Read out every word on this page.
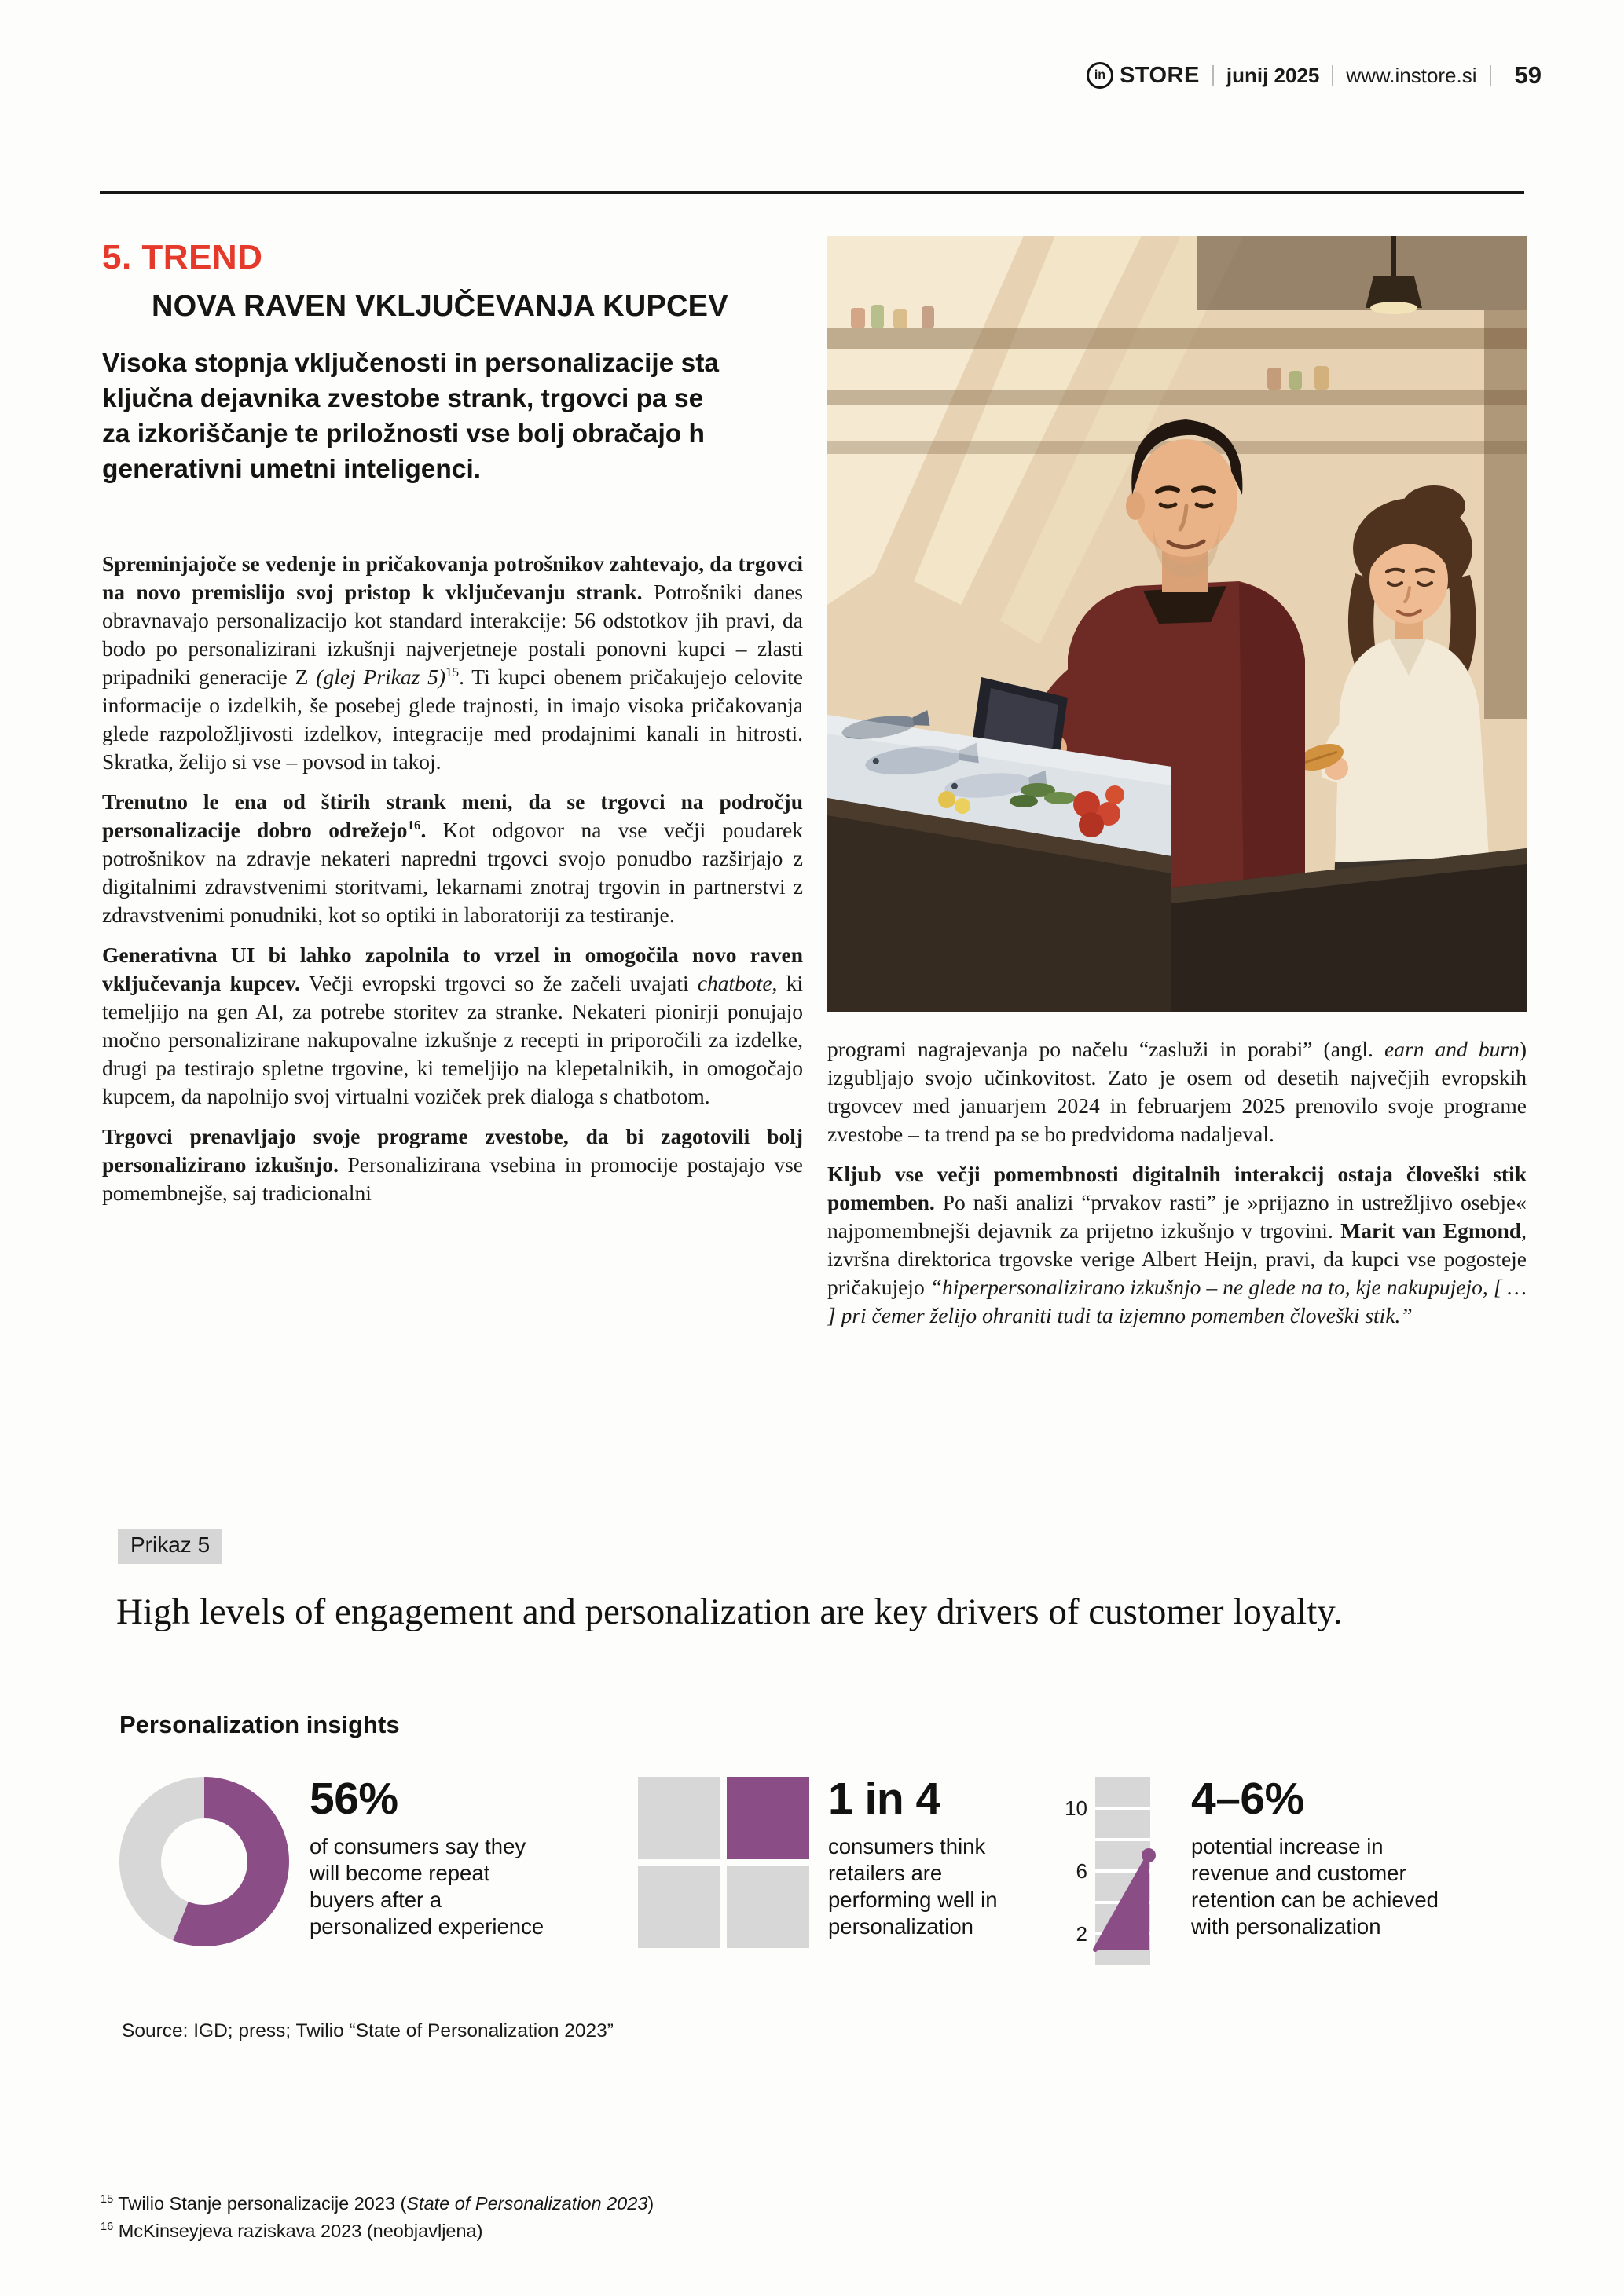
in STORE junij 2025 www.instore.si 59
5. TREND
NOVA RAVEN VKLJUČEVANJA KUPCEV

Visoka stopnja vključenosti in personalizacije sta ključna dejavnika zvestobe strank, trgovci pa se za izkoriščanje te priložnosti vse bolj obračajo h generativni umetni inteligenci.

Spreminjajoče se vedenje in pričakovanja potrošnikov zahtevajo, da trgovci na novo premislijo svoj pristop k vključevanju strank. Potrošniki danes obravnavajo personalizacijo kot standard interakcije: 56 odstotkov jih pravi, da bodo po personalizirani izkušnji najverjetneje postali ponovni kupci – zlasti pripadniki generacije Z (glej Prikaz 5)$^{15}$. Ti kupci obenem pričakujejo celovite informacije o izdelkih, še posebej glede trajnosti, in imajo visoka pričakovanja glede razpoložljivosti izdelkov, integracije med prodajnimi kanali in hitrosti. Skratka, želijo si vse – povsod in takoj.

Trenutno le ena od štirih strank meni, da se trgovci na področju personalizacije dobro odrežejo$^{16}$. Kot odgovor na vse večji poudarek potrošnikov na zdravje nekateri napredni trgovci svojo ponudbo razširjajo z digitalnimi zdravstvenimi storitvami, lekarnami znotraj trgovin in partnerstvi z zdravstvenimi ponudniki, kot so optiki in laboratoriji za testiranje.

Generativna UI bi lahko zapolnila to vrzel in omogočila novo raven vključevanja kupcev. Večji evropski trgovci so že začeli uvajati chatbote, ki temeljijo na gen AI, za potrebe storitev za stranke. Nekateri pionirji ponujajo močno personalizirane nakupovalne izkušnje z recepti in priporočili za izdelke, drugi pa testirajo spletne trgovine, ki temeljijo na klepetalnikih, in omogočajo kupcem, da napolnijo svoj virtualni voziček prek dialoga s chatbotom.

Trgovci prenavljajo svoje programe zvestobe, da bi zagotovili bolj personalizirano izkušnjo. Personalizirana vsebina in promocije postajajo vse pomembnejše, saj tradicionalni

programi nagrajevanja po načelu “zasluži in porabi” (angl. earn and burn) izgubljajo svojo učinkovitost. Zato je osem od desetih največjih evropskih trgovcev med januarjem 2024 in februarjem 2025 prenovilo svoje programe zvestobe – ta trend pa se bo predvidoma nadaljeval.

Kljub vse večji pomembnosti digitalnih interakcij ostaja človeški stik pomemben. Po naši analizi “prvakov rasti” je »prijazno in ustrežljivo osebje« najpomembnejši dejavnik za prijetno izkušnjo v trgovini. Marit van Egmond, izvršna direktorica trgovske verige Albert Heijn, pravi, da kupci vse pogosteje pričakujejo “hiperpersonalizirano izkušnjo – ne glede na to, kje nakupujejo, [ … ] pri čemer želijo ohraniti tudi ta izjemno pomemben človeški stik.”

Prikaz 5
High levels of engagement and personalization are key drivers of customer loyalty.
Personalization insights
56%
of consumers say they will become repeat buyers after a personalized experience
1 in 4
consumers think retailers are performing well in personalization
10
6
2
4–6%
potential increase in revenue and customer retention can be achieved with personalization
Source: IGD; press; Twilio “State of Personalization 2023”

$^{15}$ Twilio Stanje personalizacije 2023 (State of Personalization 2023)

$^{16}$ McKinseyjeva raziskava 2023 (neobjavljena)
